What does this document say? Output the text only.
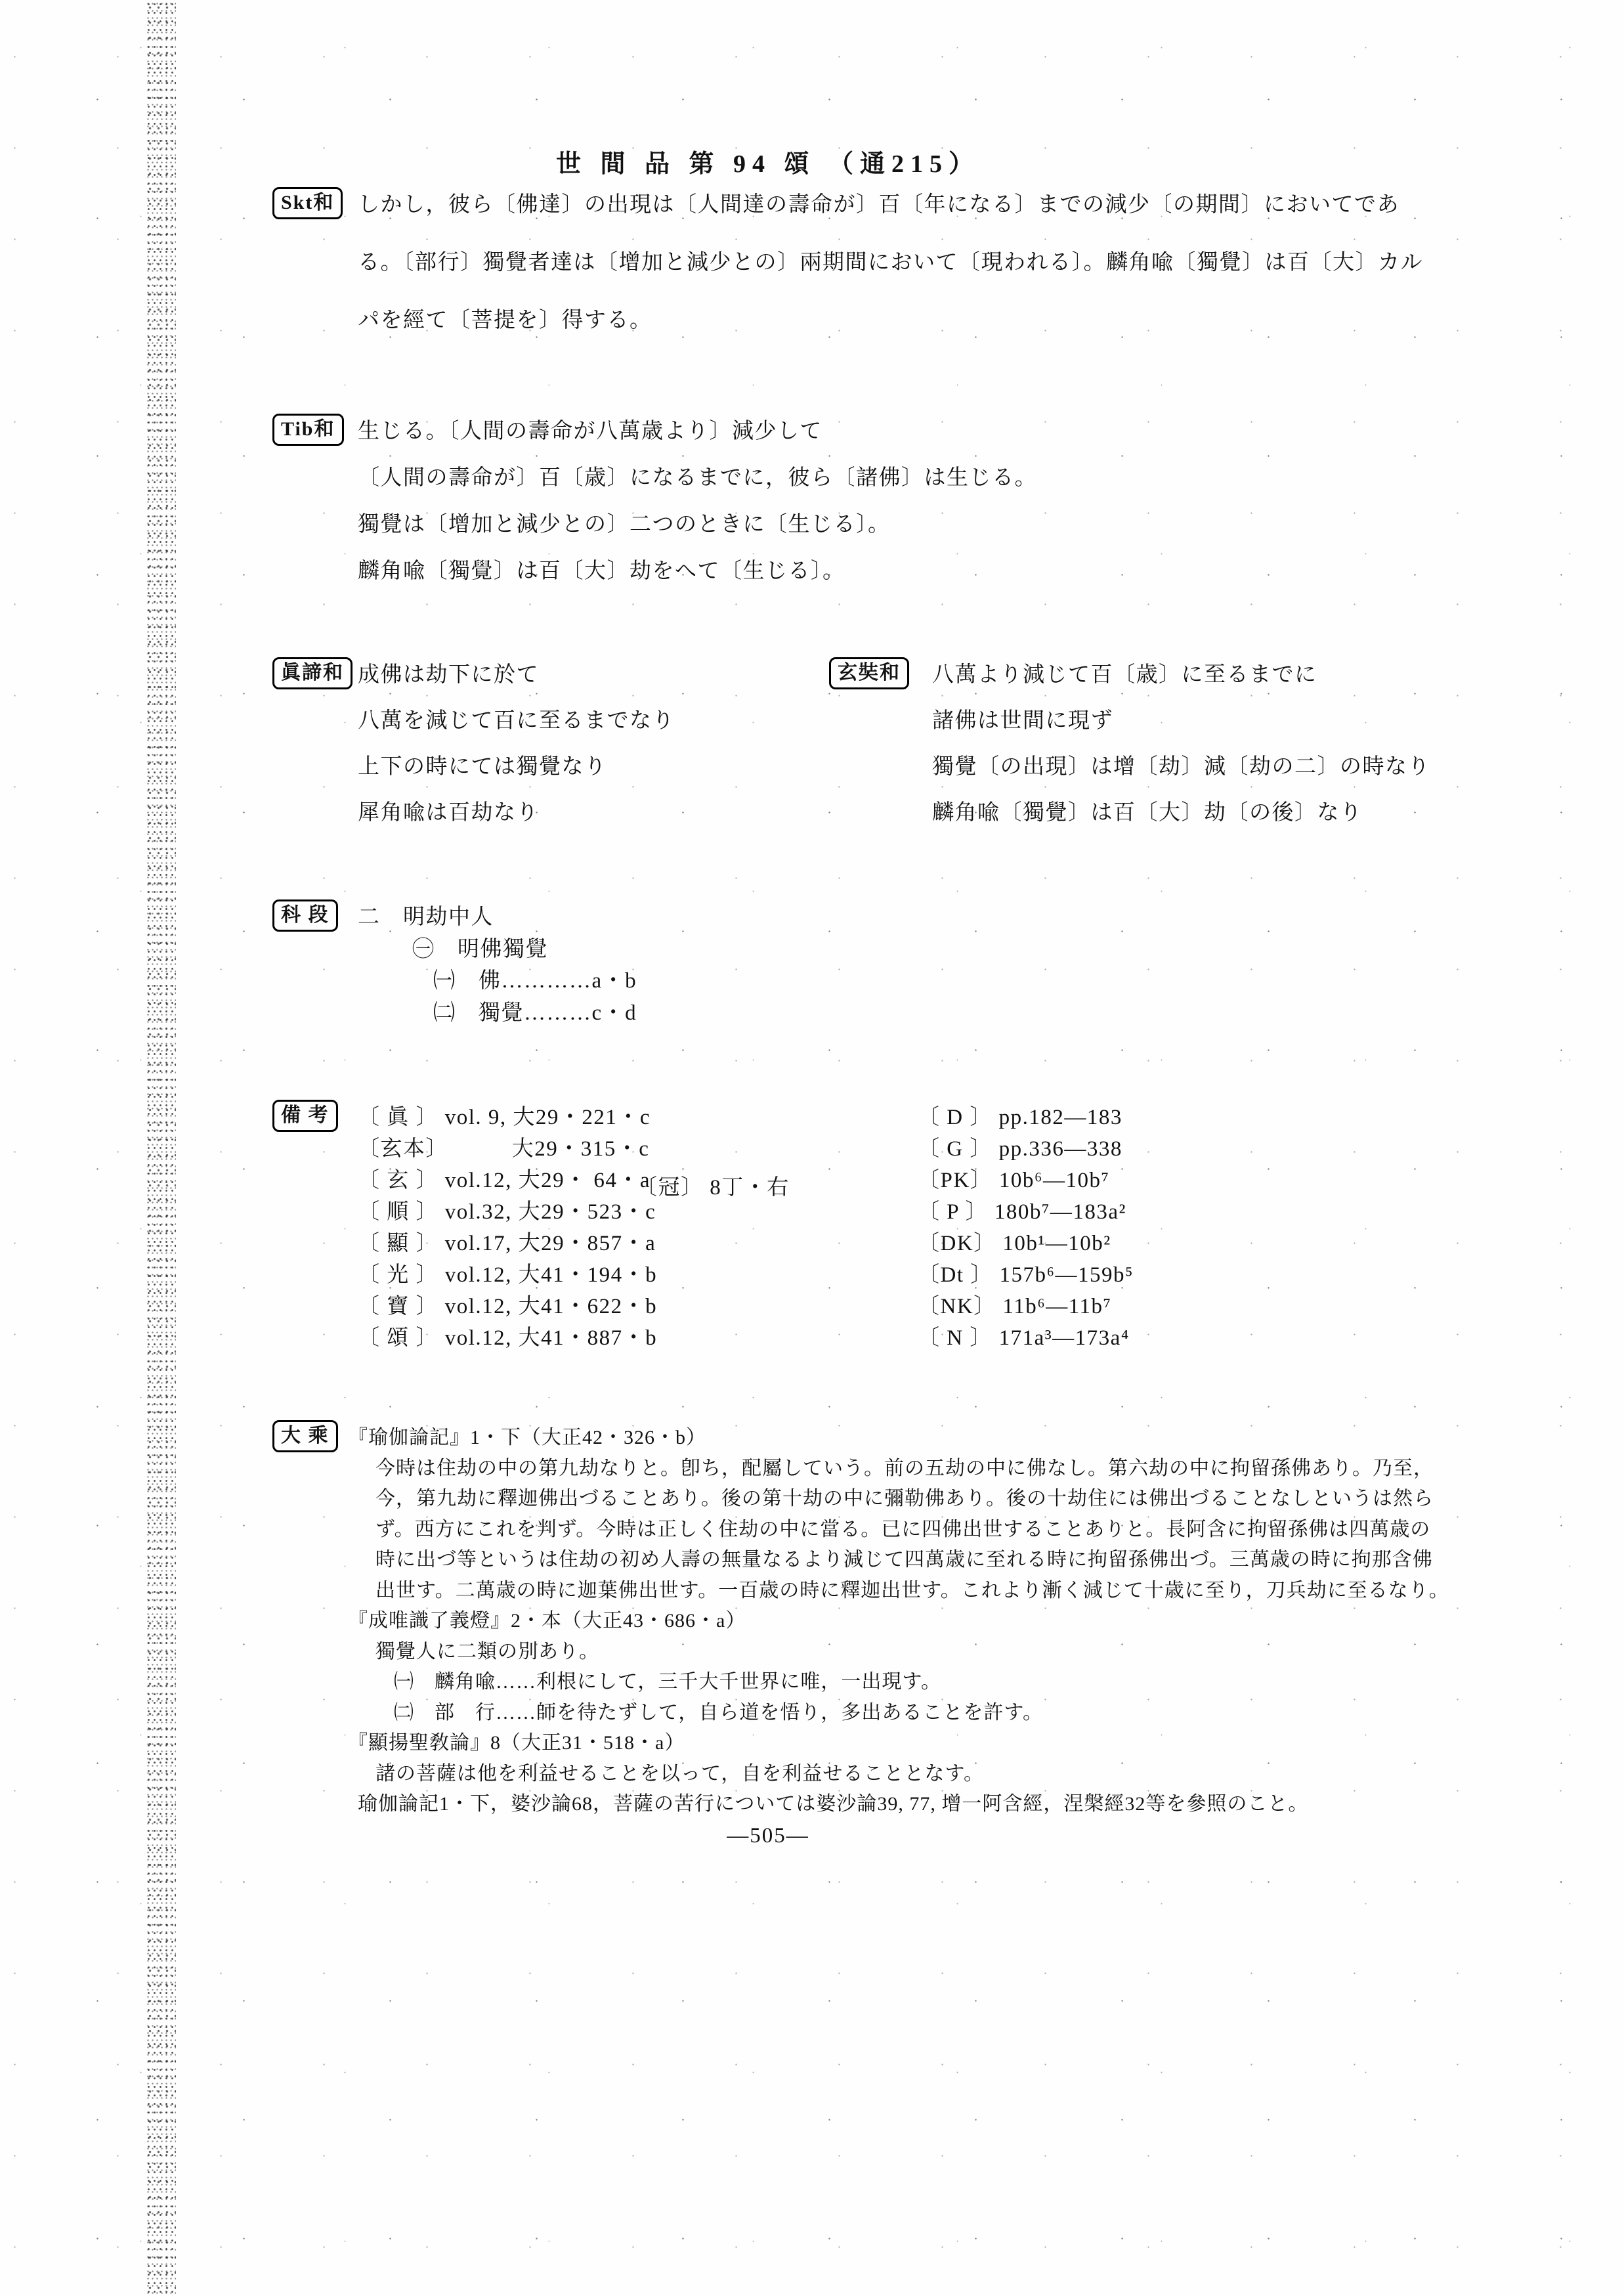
世 間 品 第 94 頌 （通215）
Skt和	しかし，彼ら〔佛達〕の出現は〔人間達の壽命が〕百〔年になる〕までの減少〔の期間〕においてであ
る。〔部行〕獨覺者達は〔增加と減少との〕兩期間において〔現われる〕。麟角喩〔獨覺〕は百〔大〕カル
パを經て〔菩提を〕得する。
Tib和	生じる。〔人間の壽命が八萬歳より〕減少して
〔人間の壽命が〕百〔歳〕になるまでに，彼ら〔諸佛〕は生じる。
獨覺は〔增加と減少との〕二つのときに〔生じる〕。
麟角喩〔獨覺〕は百〔大〕劫をへて〔生じる〕。
眞諦和 成佛は劫下に於て
八萬を減じて百に至るまでなり
上下の時にては獨覺なり
犀角喩は百劫なり
玄奘和	八萬より減じて百〔歳〕に至るまでに
諸佛は世間に現ず
獨覺〔の出現〕は增〔劫〕減〔劫の二〕の時なり
麟角喩〔獨覺〕は百〔大〕劫〔の後〕なり
科 段	二　明劫中人
㊀　明佛獨覺
㈠　佛…………a・b
㈡　獨覺………c・d
備 考	〔 眞 〕 vol. 9, 大29・221・c
〔玄本〕　　　 大29・315・c
〔 玄 〕 vol.12, 大29・ 64・a
〔 順 〕 vol.32, 大29・523・c
〔 顯 〕 vol.17, 大29・857・a
〔 光 〕 vol.12, 大41・194・b
〔 寶 〕 vol.12, 大41・622・b
〔 頌 〕 vol.12, 大41・887・b
〔冠〕 8丁・右
〔 D 〕 pp.182—183
〔 G 〕 pp.336—338
〔PK〕 10b⁶—10b⁷
〔 P 〕 180b⁷—183a²
〔DK〕 10b¹—10b²
〔Dt 〕 157b⁶—159b⁵
〔NK〕 11b⁶—11b⁷
〔 N 〕 171a³—173a⁴
大 乘 『瑜伽論記』1・下（大正42・326・b）
今時は住劫の中の第九劫なりと。卽ち，配屬していう。前の五劫の中に佛なし。第六劫の中に拘留孫佛あり。乃至，
今，第九劫に釋迦佛出づることあり。後の第十劫の中に彌勒佛あり。後の十劫住には佛出づることなしというは然ら
ず。西方にこれを判ず。今時は正しく住劫の中に當る。已に四佛出世することありと。長阿含に拘留孫佛は四萬歳の
時に出づ等というは住劫の初め人壽の無量なるより減じて四萬歳に至れる時に拘留孫佛出づ。三萬歳の時に拘那含佛
出世す。二萬歳の時に迦葉佛出世す。一百歳の時に釋迦出世す。これより漸く減じて十歳に至り，刀兵劫に至るなり。
『成唯識了義燈』2・本（大正43・686・a）
獨覺人に二類の別あり。
㈠　麟角喩……利根にして，三千大千世界に唯，一出現す。
㈡　部　行……師を待たずして，自ら道を悟り，多出あることを許す。
『顯揚聖敎論』8（大正31・518・a）
諸の菩薩は他を利益せることを以って，自を利益せることとなす。
瑜伽論記1・下，婆沙論68，菩薩の苦行については婆沙論39, 77, 增一阿含經，涅槃經32等を參照のこと。
—505—
